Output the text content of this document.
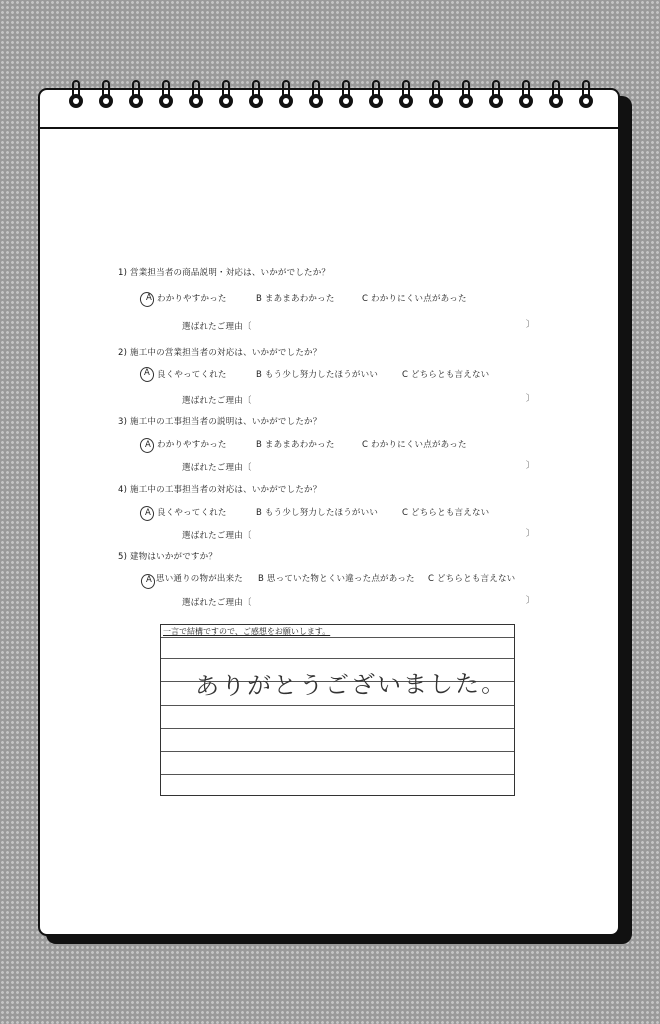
1) 営業担当者の商品説明・対応は、いかがでしたか？
A わかりやすかった	B まあまあわかった	C わかりにくい点があった
選ばれたご理由〔	〕
2) 施工中の営業担当者の対応は、いかがでしたか？
A 良くやってくれた	B もう少し努力したほうがいい	C どちらとも言えない
選ばれたご理由〔	〕
3) 施工中の工事担当者の説明は、いかがでしたか？
A わかりやすかった	B まあまあわかった	C わかりにくい点があった
選ばれたご理由〔	〕
4) 施工中の工事担当者の対応は、いかがでしたか？
A 良くやってくれた	B もう少し努力したほうがいい	C どちらとも言えない
選ばれたご理由〔	〕
5) 建物はいかがですか？
A 思い通りの物が出来た B 思っていた物とくい違った点があった C どちらとも言えない
選ばれたご理由〔	〕
一言で結構ですので、ご感想をお願いします。
ありがとうございました。
